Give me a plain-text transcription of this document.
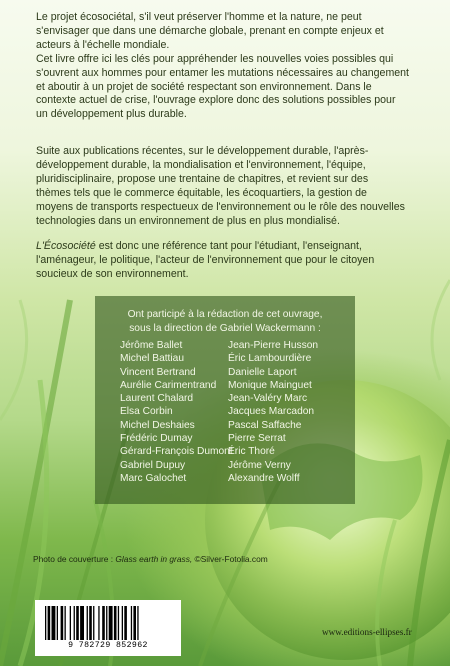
Le projet écosociétal, s'il veut préserver l'homme et la nature, ne peut

s'envisager que dans une démarche globale, prenant en compte enjeux et

acteurs à l'échelle mondiale.

Cet livre offre ici les clés pour appréhender les nouvelles voies possibles qui

s'ouvrent aux hommes pour entamer les mutations nécessaires au changement

et aboutir à un projet de société respectant son environnement. Dans le

contexte actuel de crise, l'ouvrage explore donc des solutions possibles pour

un développement plus durable.

Suite aux publications récentes, sur le développement durable, l'après-

développement durable, la mondialisation et l'environnement, l'équipe,

pluridisciplinaire, propose une trentaine de chapitres, et revient sur des

thèmes tels que le commerce équitable, les écoquartiers, la gestion de

moyens de transports respectueux de l'environnement ou le rôle des nouvelles

technologies dans un environnement de plus en plus mondialisé.

L'Écosociété est donc une référence tant pour l'étudiant, l'enseignant,

l'aménageur, le politique, l'acteur de l'environnement que pour le citoyen

soucieux de son environnement.

Ont participé à la rédaction de cet ouvrage,
sous la direction de Gabriel Wackermann :
Jérôme Ballet
Michel Battiau
Vincent Bertrand
Aurélie Carimentrand
Laurent Chalard
Elsa Corbin
Michel Deshaies
Frédéric Dumay
Gérard-François Dumont
Gabriel Dupuy
Marc Galochet
Jean-Pierre Husson
Éric Lambourdière
Danielle Laport
Monique Mainguet
Jean-Valéry Marc
Jacques Marcadon
Pascal Saffache
Pierre Serrat
Éric Thoré
Jérôme Verny
Alexandre Wolff
Photo de couverture : Glass earth in grass, ©Silver-Fotolia.com
9 782729 852962
www.editions-ellipses.fr
